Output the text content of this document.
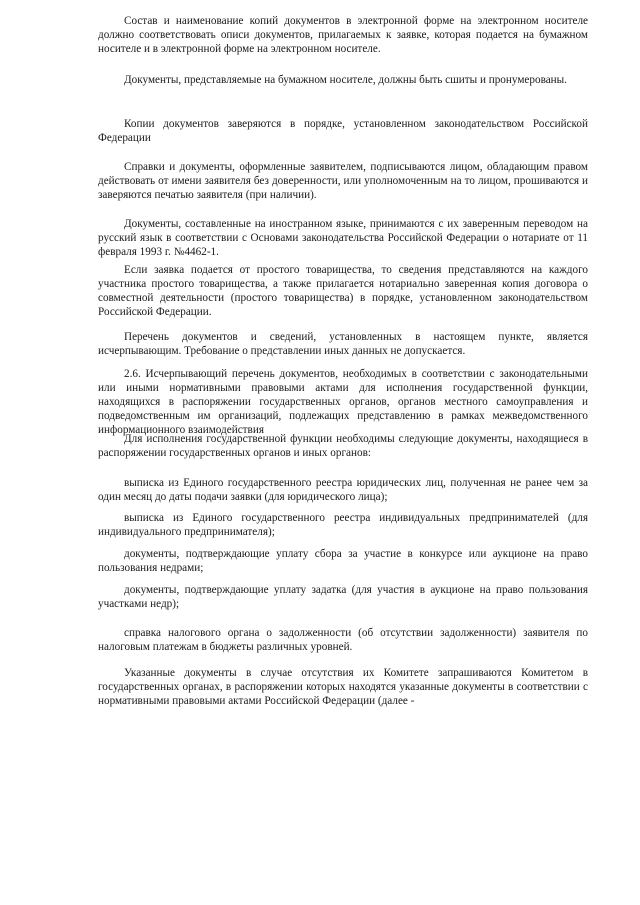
Состав и наименование копий документов в электронной форме на электронном носителе должно соответствовать описи документов, прилагаемых к заявке, которая подается на бумажном носителе и в электронной форме на электронном носителе.

Документы, представляемые на бумажном носителе, должны быть сшиты и пронумерованы.

Копии документов заверяются в порядке, установленном законодательством Российской Федерации

Справки и документы, оформленные заявителем, подписываются лицом, обладающим правом действовать от имени заявителя без доверенности, или уполномоченным на то лицом, прошиваются и заверяются печатью заявителя (при наличии).

Документы, составленные на иностранном языке, принимаются с их заверенным переводом на русский язык в соответствии с Основами законодательства Российской Федерации о нотариате от 11 февраля 1993 г. №4462-1.

Если заявка подается от простого товарищества, то сведения представляются на каждого участника простого товарищества, а также прилагается нотариально заверенная копия договора о совместной деятельности (простого товарищества) в порядке, установленном законодательством Российской Федерации.

Перечень документов и сведений, установленных в настоящем пункте, является исчерпывающим. Требование о представлении иных данных не допускается.

2.6. Исчерпывающий перечень документов, необходимых в соответствии с законодательными или иными нормативными правовыми актами для исполнения государственной функции, находящихся в распоряжении государственных органов, органов местного самоуправления и подведомственным им организаций, подлежащих представлению в рамках межведомственного информационного взаимодействия

Для исполнения государственной функции необходимы следующие документы, находящиеся в распоряжении государственных органов и иных органов:

выписка из Единого государственного реестра юридических лиц, полученная не ранее чем за один месяц до даты подачи заявки (для юридического лица);

выписка из Единого государственного реестра индивидуальных предпринимателей (для индивидуального предпринимателя);

документы, подтверждающие уплату сбора за участие в конкурсе или аукционе на право пользования недрами;

документы, подтверждающие уплату задатка (для участия в аукционе на право пользования участками недр);

справка налогового органа о задолженности (об отсутствии задолженности) заявителя по налоговым платежам в бюджеты различных уровней.

Указанные документы в случае отсутствия их Комитете запрашиваются Комитетом в государственных органах, в распоряжении которых находятся указанные документы в соответствии с нормативными правовыми актами Российской Федерации (далее -
